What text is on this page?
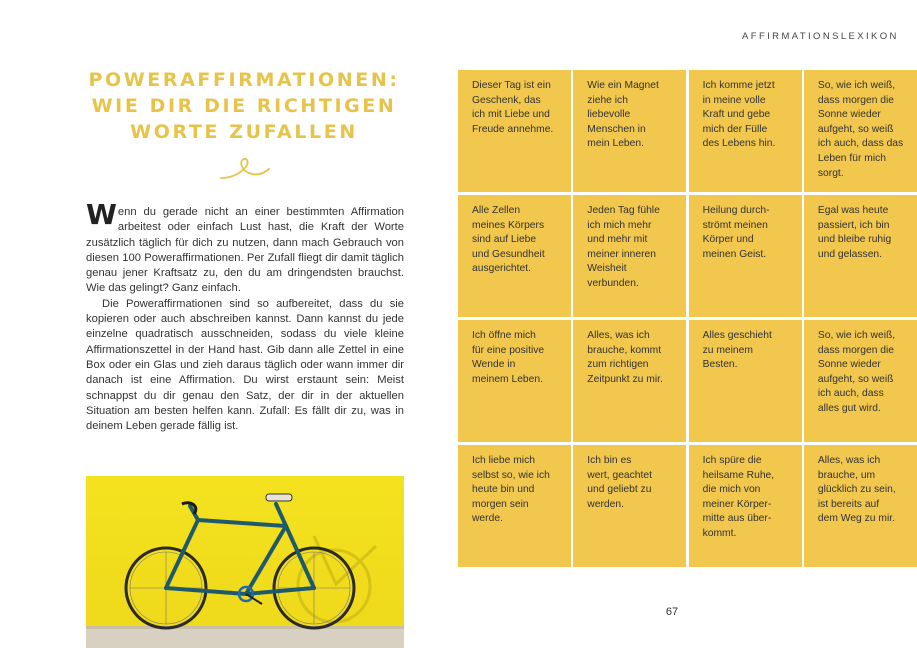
AFFIRMATIONSLEXIKON
POWERAFFIRMATIONEN:
WIE DIR DIE RICHTIGEN
WORTE ZUFALLEN

Wenn du gerade nicht an einer bestimmten Affirmation arbeitest oder einfach Lust hast, die Kraft der Worte zusätzlich täglich für dich zu nutzen, dann mach Gebrauch von diesen 100 Poweraffirmationen. Per Zufall fliegt dir damit täglich genau jener Kraftsatz zu, den du am dringendsten brauchst. Wie das gelingt? Ganz einfach.

Die Poweraffirmationen sind so aufbereitet, dass du sie kopieren oder auch abschreiben kannst. Dann kannst du jede einzelne quadratisch ausschneiden, sodass du viele kleine Affirmationszettel in der Hand hast. Gib dann alle Zettel in eine Box oder ein Glas und zieh daraus täglich oder wann immer dir danach ist eine Affirmation. Du wirst erstaunt sein: Meist schnappst du dir genau den Satz, der dir in der aktuellen Situation am besten helfen kann. Zufall: Es fällt dir zu, was in deinem Leben gerade fällig ist.

Dieser Tag ist ein
Geschenk, das
ich mit Liebe und
Freude annehme.
Wie ein Magnet
ziehe ich
liebevolle
Menschen in
mein Leben.
Ich komme jetzt
in meine volle
Kraft und gebe
mich der Fülle
des Lebens hin.
So, wie ich weiß,
dass morgen die
Sonne wieder
aufgeht, so weiß
ich auch, dass das
Leben für mich
sorgt.
Alle Zellen
meines Körpers
sind auf Liebe
und Gesundheit
ausgerichtet.
Jeden Tag fühle
ich mich mehr
und mehr mit
meiner inneren
Weisheit
verbunden.
Heilung durch-
strömt meinen
Körper und
meinen Geist.
Egal was heute
passiert, ich bin
und bleibe ruhig
und gelassen.
Ich öffne mich
für eine positive
Wende in
meinem Leben.
Alles, was ich
brauche, kommt
zum richtigen
Zeitpunkt zu mir.
Alles geschieht
zu meinem
Besten.
So, wie ich weiß,
dass morgen die
Sonne wieder
aufgeht, so weiß
ich auch, dass
alles gut wird.
Ich liebe mich
selbst so, wie ich
heute bin und
morgen sein
werde.
Ich bin es
wert, geachtet
und geliebt zu
werden.
Ich spüre die
heilsame Ruhe,
die mich von
meiner Körper-
mitte aus über-
kommt.
Alles, was ich
brauche, um
glücklich zu sein,
ist bereits auf
dem Weg zu mir.
67
